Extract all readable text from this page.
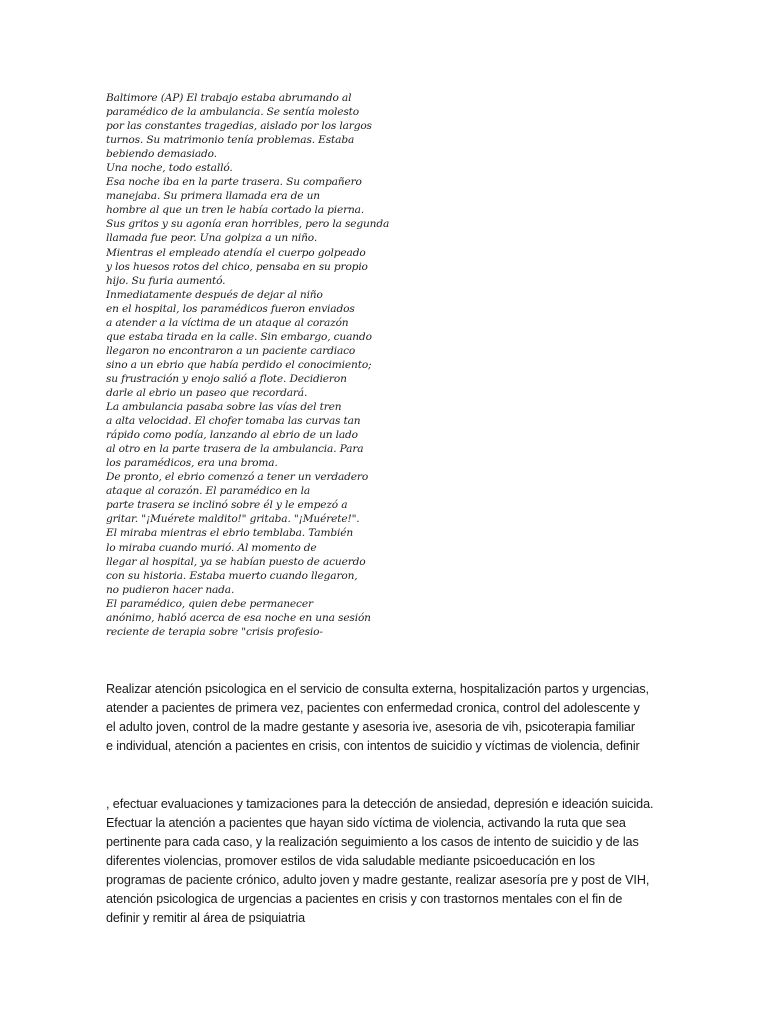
Baltimore (AP) El trabajo estaba abrumando al
paramédico de la ambulancia. Se sentía molesto
por las constantes tragedias, aislado por los largos
turnos. Su matrimonio tenía problemas. Estaba
bebiendo demasiado.
Una noche, todo estalló.
Esa noche iba en la parte trasera. Su compañero
manejaba. Su primera llamada era de un
hombre al que un tren le había cortado la pierna.
Sus gritos y su agonía eran horribles, pero la segunda
llamada fue peor. Una golpiza a un niño.
Mientras el empleado atendía el cuerpo golpeado
y los huesos rotos del chico, pensaba en su propio
hijo. Su furia aumentó.
Inmediatamente después de dejar al niño
en el hospital, los paramédicos fueron enviados
a atender a la víctima de un ataque al corazón
que estaba tirada en la calle. Sin embargo, cuando
llegaron no encontraron a un paciente cardiaco
sino a un ebrio que había perdido el conocimiento;
su frustración y enojo salió a flote. Decidieron
darle al ebrio un paseo que recordará.
La ambulancia pasaba sobre las vías del tren
a alta velocidad. El chofer tomaba las curvas tan
rápido como podía, lanzando al ebrio de un lado
al otro en la parte trasera de la ambulancia. Para
los paramédicos, era una broma.
De pronto, el ebrio comenzó a tener un verdadero
ataque al corazón. El paramédico en la
parte trasera se inclinó sobre él y le empezó a
gritar. "¡Muérete maldito!" gritaba. "¡Muérete!".
El miraba mientras el ebrio temblaba. También
lo miraba cuando murió. Al momento de
llegar al hospital, ya se habían puesto de acuerdo
con su historia. Estaba muerto cuando llegaron,
no pudieron hacer nada.
El paramédico, quien debe permanecer
anónimo, habló acerca de esa noche en una sesión
reciente de terapia sobre "crisis profesio-
Realizar atención psicologica en el servicio de consulta externa, hospitalización partos y urgencias,
atender a pacientes de primera vez, pacientes con enfermedad cronica, control del adolescente y
el adulto joven, control de la madre gestante y asesoria ive, asesoria de vih, psicoterapia familiar
e individual, atención a pacientes en crisis, con intentos de suicidio y víctimas de violencia, definir
, efectuar evaluaciones y tamizaciones para la detección de ansiedad, depresión e ideación suicida.
Efectuar la atención a pacientes que hayan sido víctima de violencia, activando la ruta que sea
pertinente para cada caso, y la realización seguimiento a los casos de intento de suicidio y de las
diferentes violencias, promover estilos de vida saludable mediante psicoeducación en los
programas de paciente crónico, adulto joven y madre gestante, realizar asesoría pre y post de VIH,
atención psicologica de urgencias a pacientes en crisis y con trastornos mentales con el fin de
definir y remitir al área de psiquiatria
